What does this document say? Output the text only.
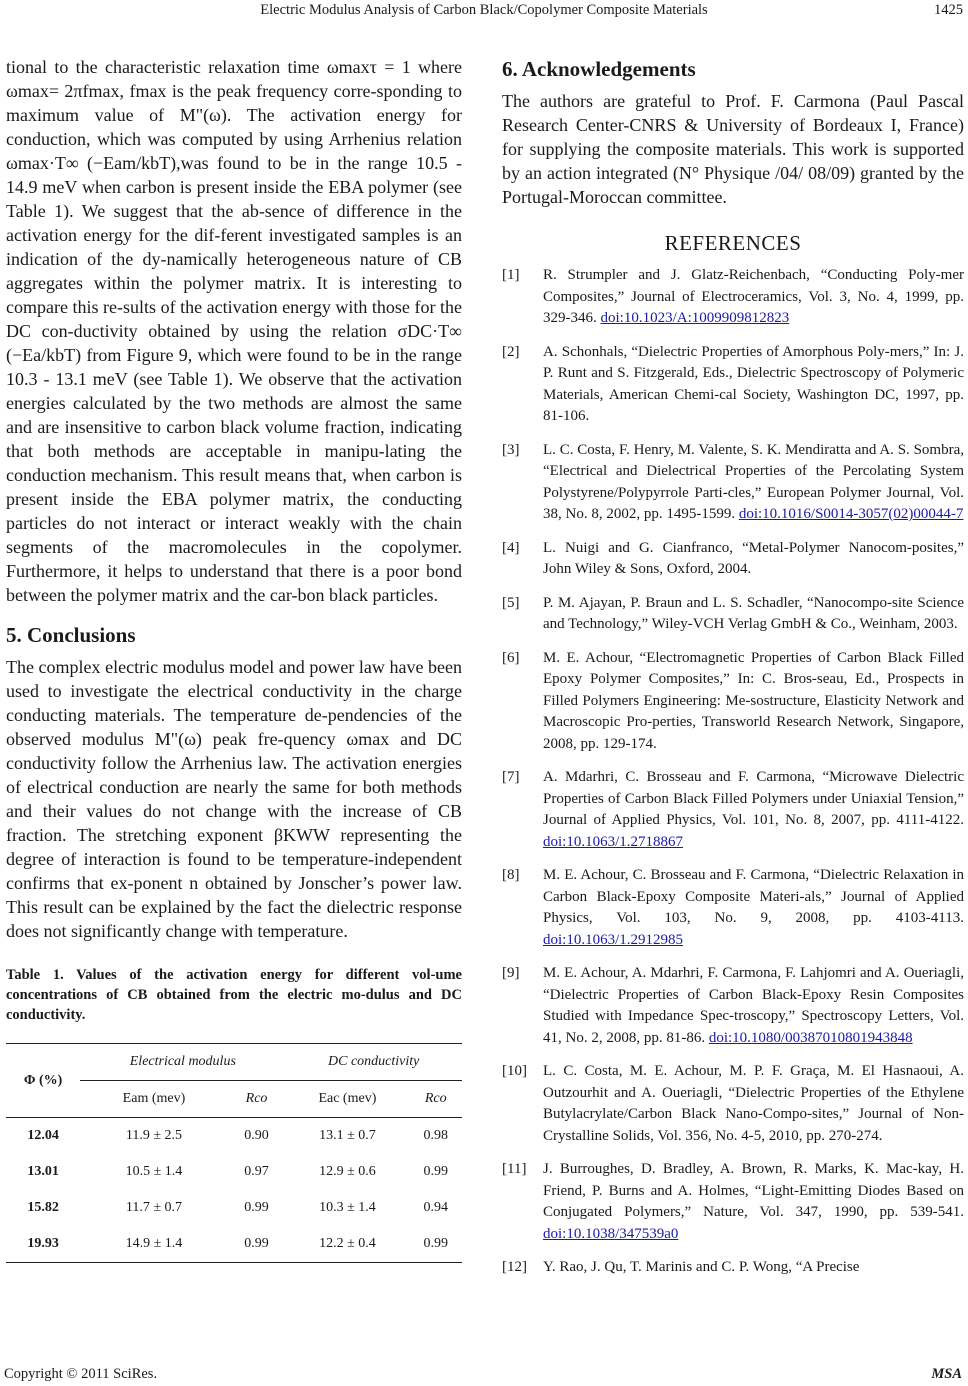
Electric Modulus Analysis of Carbon Black/Copolymer Composite Materials	1425

tional to the characteristic relaxation time ωmaxτ = 1 where ωmax= 2πfmax, fmax is the peak frequency corre-sponding to maximum value of M"(ω). The activation energy for conduction, which was computed by using Arrhenius relation ωmax·T∞ (−Eam/kbT),was found to be in the range 10.5 - 14.9 meV when carbon is present inside the EBA polymer (see Table 1). We suggest that the ab-sence of difference in the activation energy for the dif-ferent investigated samples is an indication of the dy-namically heterogeneous nature of CB aggregates within the polymer matrix. It is interesting to compare this re-sults of the activation energy with those for the DC con-ductivity obtained by using the relation σDC·T∞ (−Ea/kbT) from Figure 9, which were found to be in the range 10.3 - 13.1 meV (see Table 1). We observe that the activation energies calculated by the two methods are almost the same and are insensitive to carbon black volume fraction, indicating that both methods are acceptable in manipu-lating the conduction mechanism. This result means that, when carbon is present inside the EBA polymer matrix, the conducting particles do not interact or interact weakly with the chain segments of the macromolecules in the copolymer. Furthermore, it helps to understand that there is a poor bond between the polymer matrix and the car-bon black particles.

5. Conclusions

The complex electric modulus model and power law have been used to investigate the electrical conductivity in the charge conducting materials. The temperature de-pendencies of the observed modulus M"(ω) peak fre-quency ωmax and DC conductivity follow the Arrhenius law. The activation energies of electrical conduction are nearly the same for both methods and their values do not change with the increase of CB fraction. The stretching exponent βKWW representing the degree of interaction is found to be temperature-independent confirms that ex-ponent n obtained by Jonscher’s power law. This result can be explained by the fact the dielectric response does not significantly change with temperature.

Table 1. Values of the activation energy for different vol-ume concentrations of CB obtained from the electric mo-dulus and DC conductivity.

Φ (%)	Electrical modulus		DC conductivity	
	Eam (mev)	Rco	Eac (mev)	Rco
12.04	11.9 ± 2.5	0.90	13.1 ± 0.7	0.98
13.01	10.5 ± 1.4	0.97	12.9 ± 0.6	0.99
15.82	11.7 ± 0.7	0.99	10.3 ± 1.4	0.94
19.93	14.9 ± 1.4	0.99	12.2 ± 0.4	0.99

6. Acknowledgements

The authors are grateful to Prof. F. Carmona (Paul Pascal Research Center-CNRS & University of Bordeaux I, France) for supplying the composite materials. This work is supported by an action integrated (N° Physique /04/ 08/09) granted by the Portugal-Moroccan committee.

REFERENCES

[1] R. Strumpler and J. Glatz-Reichenbach, “Conducting Poly-mer Composites,” Journal of Electroceramics, Vol. 3, No. 4, 1999, pp. 329-346. doi:10.1023/A:1009909812823

[2] A. Schonhals, “Dielectric Properties of Amorphous Poly-mers,” In: J. P. Runt and S. Fitzgerald, Eds., Dielectric Spectroscopy of Polymeric Materials, American Chemi-cal Society, Washington DC, 1997, pp. 81-106.

[3] L. C. Costa, F. Henry, M. Valente, S. K. Mendiratta and A. S. Sombra, “Electrical and Dielectrical Properties of the Percolating System Polystyrene/Polypyrrole Parti-cles,” European Polymer Journal, Vol. 38, No. 8, 2002, pp. 1495-1599. doi:10.1016/S0014-3057(02)00044-7

[4] L. Nuigi and G. Cianfranco, “Metal-Polymer Nanocom-posites,” John Wiley & Sons, Oxford, 2004.

[5] P. M. Ajayan, P. Braun and L. S. Schadler, “Nanocompo-site Science and Technology,” Wiley-VCH Verlag GmbH & Co., Weinham, 2003.

[6] M. E. Achour, “Electromagnetic Properties of Carbon Black Filled Epoxy Polymer Composites,” In: C. Bros-seau, Ed., Prospects in Filled Polymers Engineering: Me-sostructure, Elasticity Network and Macroscopic Pro-perties, Transworld Research Network, Singapore, 2008, pp. 129-174.

[7] A. Mdarhri, C. Brosseau and F. Carmona, “Microwave Dielectric Properties of Carbon Black Filled Polymers under Uniaxial Tension,” Journal of Applied Physics, Vol. 101, No. 8, 2007, pp. 4111-4122. doi:10.1063/1.2718867

[8] M. E. Achour, C. Brosseau and F. Carmona, “Dielectric Relaxation in Carbon Black-Epoxy Composite Materi-als,” Journal of Applied Physics, Vol. 103, No. 9, 2008, pp. 4103-4113. doi:10.1063/1.2912985

[9] M. E. Achour, A. Mdarhri, F. Carmona, F. Lahjomri and A. Oueriagli, “Dielectric Properties of Carbon Black-Epoxy Resin Composites Studied with Impedance Spec-troscopy,” Spectroscopy Letters, Vol. 41, No. 2, 2008, pp. 81-86. doi:10.1080/00387010801943848

[10] L. C. Costa, M. E. Achour, M. P. F. Graça, M. El Hasnaoui, A. Outzourhit and A. Oueriagli, “Dielectric Properties of the Ethylene Butylacrylate/Carbon Black Nano-Compo-sites,” Journal of Non-Crystalline Solids, Vol. 356, No. 4-5, 2010, pp. 270-274.

[11] J. Burroughes, D. Bradley, A. Brown, R. Marks, K. Mac-kay, H. Friend, P. Burns and A. Holmes, “Light-Emitting Diodes Based on Conjugated Polymers,” Nature, Vol. 347, 1990, pp. 539-541. doi:10.1038/347539a0

[12] Y. Rao, J. Qu, T. Marinis and C. P. Wong, “A Precise

Copyright © 2011 SciRes.	MSA
